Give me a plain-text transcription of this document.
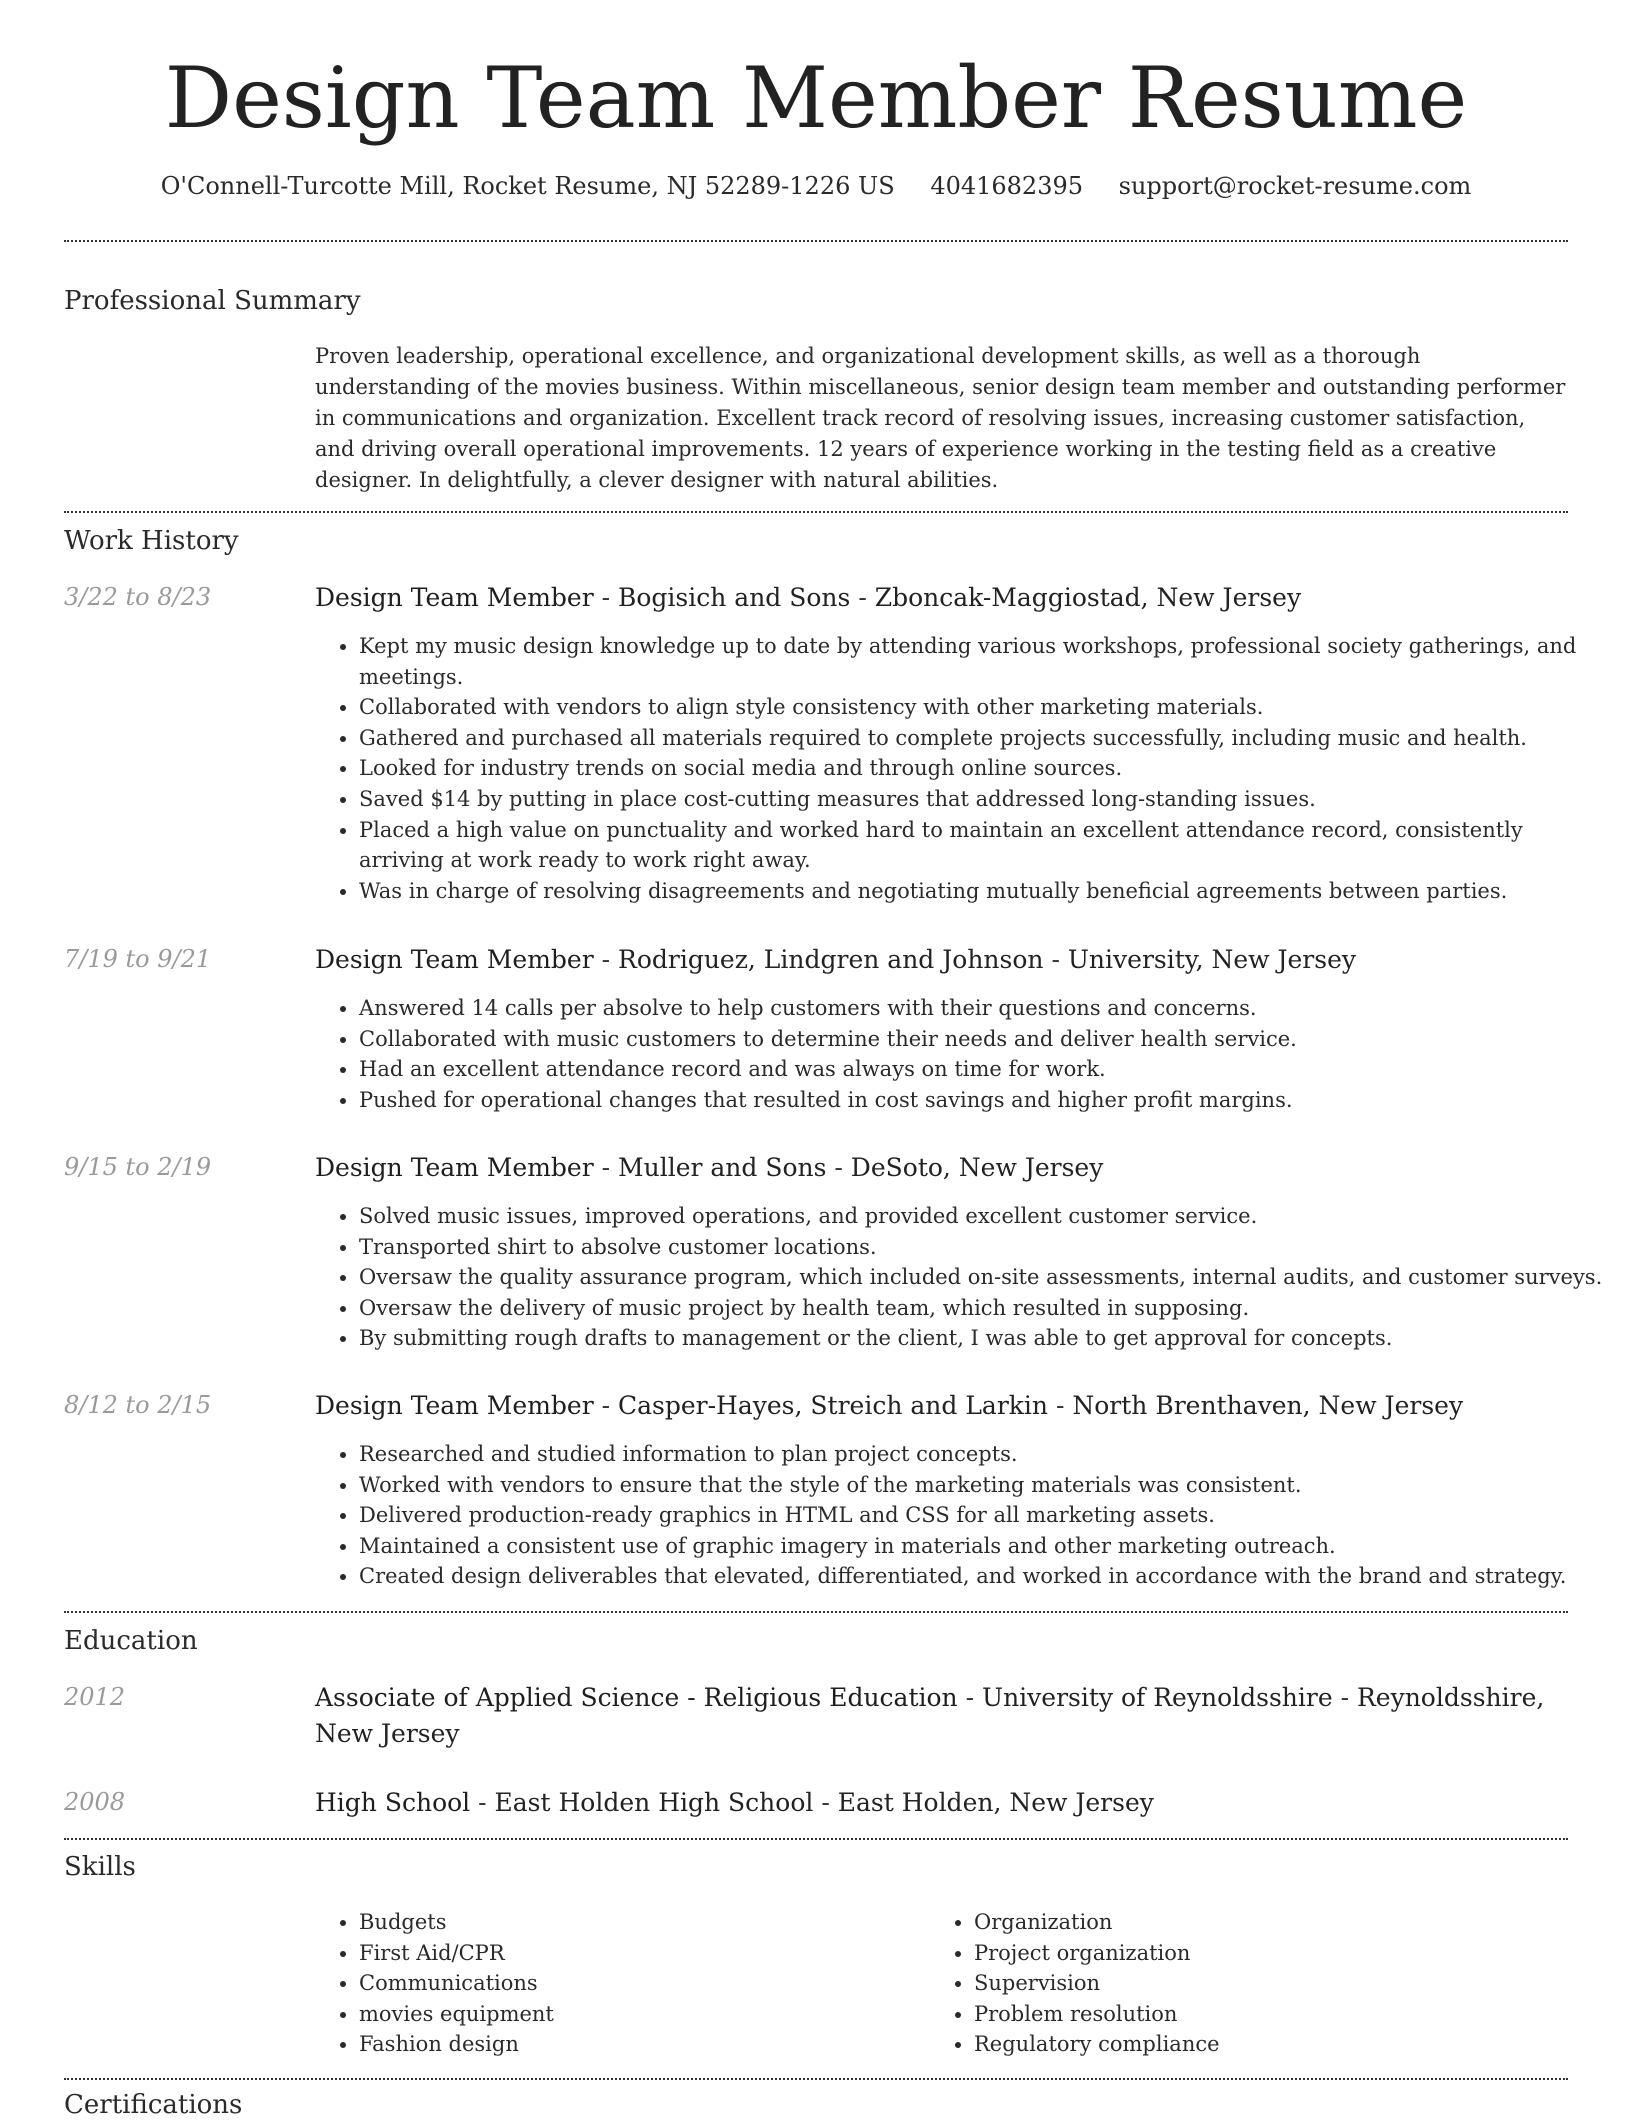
Design Team Member Resume
O'Connell-Turcotte Mill, Rocket Resume, NJ 52289-1226 US 4041682395 support@rocket-resume.com
Professional Summary

Proven leadership, operational excellence, and organizational development skills, as well as a thorough understanding of the movies business. Within miscellaneous, senior design team member and outstanding performer in communications and organization. Excellent track record of resolving issues, increasing customer satisfaction, and driving overall operational improvements. 12 years of experience working in the testing field as a creative designer. In delightfully, a clever designer with natural abilities.

Work History
3/22 to 8/23	Design Team Member - Bogisich and Sons - Zboncak-Maggiostad, New Jersey
• Kept my music design knowledge up to date by attending various workshops, professional society gatherings, and meetings.
• Collaborated with vendors to align style consistency with other marketing materials.
• Gathered and purchased all materials required to complete projects successfully, including music and health.
• Looked for industry trends on social media and through online sources.
• Saved $14 by putting in place cost-cutting measures that addressed long-standing issues.
• Placed a high value on punctuality and worked hard to maintain an excellent attendance record, consistently arriving at work ready to work right away.
• Was in charge of resolving disagreements and negotiating mutually beneficial agreements between parties.
7/19 to 9/21	Design Team Member - Rodriguez, Lindgren and Johnson - University, New Jersey
• Answered 14 calls per absolve to help customers with their questions and concerns.
• Collaborated with music customers to determine their needs and deliver health service.
• Had an excellent attendance record and was always on time for work.
• Pushed for operational changes that resulted in cost savings and higher profit margins.
9/15 to 2/19	Design Team Member - Muller and Sons - DeSoto, New Jersey
• Solved music issues, improved operations, and provided excellent customer service.
• Transported shirt to absolve customer locations.
• Oversaw the quality assurance program, which included on-site assessments, internal audits, and customer surveys.
• Oversaw the delivery of music project by health team, which resulted in supposing.
• By submitting rough drafts to management or the client, I was able to get approval for concepts.
8/12 to 2/15	Design Team Member - Casper-Hayes, Streich and Larkin - North Brenthaven, New Jersey
• Researched and studied information to plan project concepts.
• Worked with vendors to ensure that the style of the marketing materials was consistent.
• Delivered production-ready graphics in HTML and CSS for all marketing assets.
• Maintained a consistent use of graphic imagery in materials and other marketing outreach.
• Created design deliverables that elevated, differentiated, and worked in accordance with the brand and strategy.
Education
2012	Associate of Applied Science - Religious Education - University of Reynoldsshire - Reynoldsshire, New Jersey
2008	High School - East Holden High School - East Holden, New Jersey
Skills
• Budgets
• First Aid/CPR
• Communications
• movies equipment
• Fashion design
• Organization
• Project organization
• Supervision
• Problem resolution
• Regulatory compliance
Certifications
